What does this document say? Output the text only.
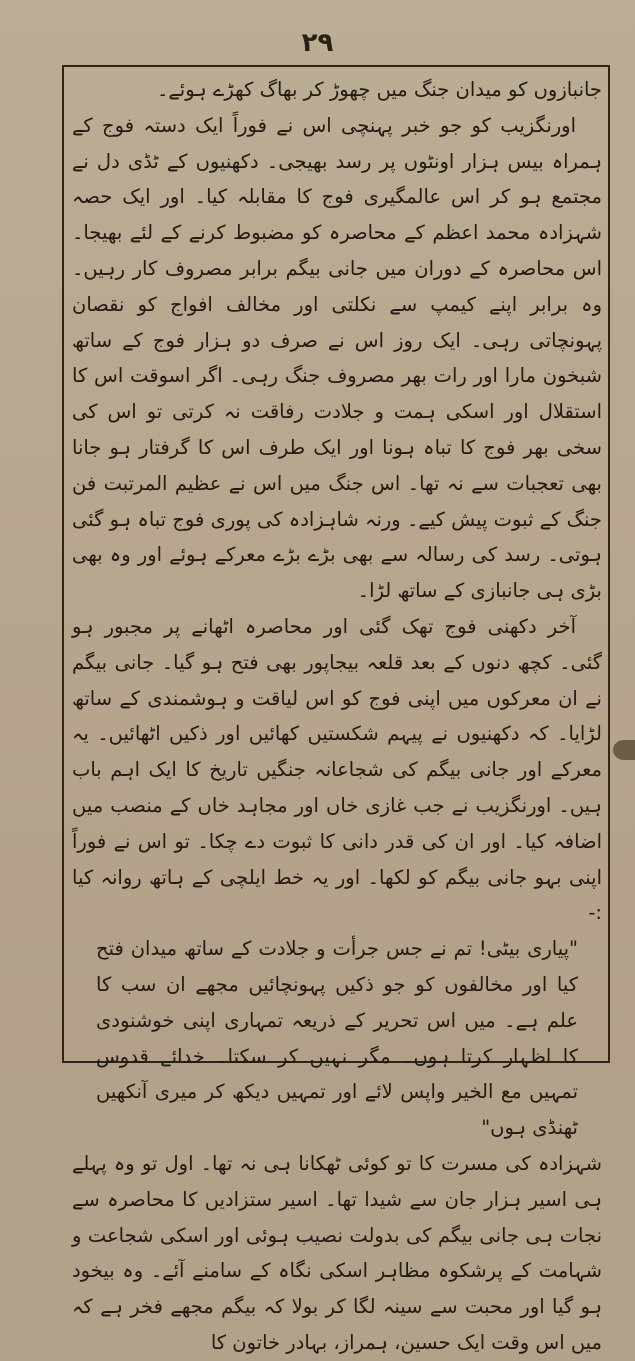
۲۹

جانبازوں کو میدان جنگ میں چھوڑ کر بھاگ کھڑے ہوئے۔

اورنگزیب کو جو خبر پہنچی اس نے فوراً ایک دستہ فوج کے ہمراہ بیس ہزار اونٹوں پر رسد بھیجی۔ دکھنیوں کے ٹڈی دل نے مجتمع ہو کر اس عالمگیری فوج کا مقابلہ کیا۔ اور ایک حصہ شہزادہ محمد اعظم کے محاصرہ کو مضبوط کرنے کے لئے بھیجا۔ اس محاصرہ کے دوران میں جانی بیگم برابر مصروف کار رہیں۔ وہ برابر اپنے کیمپ سے نکلتی اور مخالف افواج کو نقصان پہونچاتی رہی۔ ایک روز اس نے صرف دو ہزار فوج کے ساتھ شبخون مارا اور رات بھر مصروف جنگ رہی۔ اگر اسوقت اس کا استقلال اور اسکی ہمت و جلادت رفاقت نہ کرتی تو اس کی سخی بھر فوج کا تباہ ہونا اور ایک طرف اس کا گرفتار ہو جانا بھی تعجبات سے نہ تھا۔ اس جنگ میں اس نے عظیم المرتبت فن جنگ کے ثبوت پیش کیے۔ ورنہ شاہزادہ کی پوری فوج تباہ ہو گئی ہوتی۔ رسد کی رسالہ سے بھی بڑے بڑے معرکے ہوئے اور وہ بھی بڑی ہی جانبازی کے ساتھ لڑا۔

آخر دکھنی فوج تھک گئی اور محاصرہ اٹھانے پر مجبور ہو گئی۔ کچھ دنوں کے بعد قلعہ بیجاپور بھی فتح ہو گیا۔ جانی بیگم نے ان معرکوں میں اپنی فوج کو اس لیاقت و ہوشمندی کے ساتھ لڑایا۔ کہ دکھنیوں نے پیہم شکستیں کھائیں اور ذکیں اٹھائیں۔ یہ معرکے اور جانی بیگم کی شجاعانہ جنگیں تاریخ کا ایک اہم باب ہیں۔ اورنگزیب نے جب غازی خاں اور مجاہد خاں کے منصب میں اضافہ کیا۔ اور ان کی قدر دانی کا ثبوت دے چکا۔ تو اس نے فوراً اپنی بہو جانی بیگم کو لکھا۔ اور یہ خط ایلچی کے ہاتھ روانہ کیا :-

"پیاری بیٹی! تم نے جس جرأت و جلادت کے ساتھ میدان فتح کیا اور مخالفوں کو جو ذکیں پہونچائیں مجھے ان سب کا علم ہے۔ میں اس تحریر کے ذریعہ تمہاری اپنی خوشنودی کا اظہار کرتا ہوں۔ مگر نہیں کر سکتا۔ خدائے قدوس تمہیں مع الخیر واپس لائے اور تمہیں دیکھ کر میری آنکھیں ٹھنڈی ہوں"

شہزادہ کی مسرت کا تو کوئی ٹھکانا ہی نہ تھا۔ اول تو وہ پہلے ہی اسیر ہزار جان سے شیدا تھا۔ اسیر ستزادیں کا محاصرہ سے نجات ہی جانی بیگم کی بدولت نصیب ہوئی اور اسکی شجاعت و شہامت کے پرشکوہ مظاہر اسکی نگاہ کے سامنے آئے۔ وہ بیخود ہو گیا اور محبت سے سینہ لگا کر بولا کہ بیگم مجھے فخر ہے کہ میں اس وقت ایک حسین، ہمراز، بہادر خاتون کا
